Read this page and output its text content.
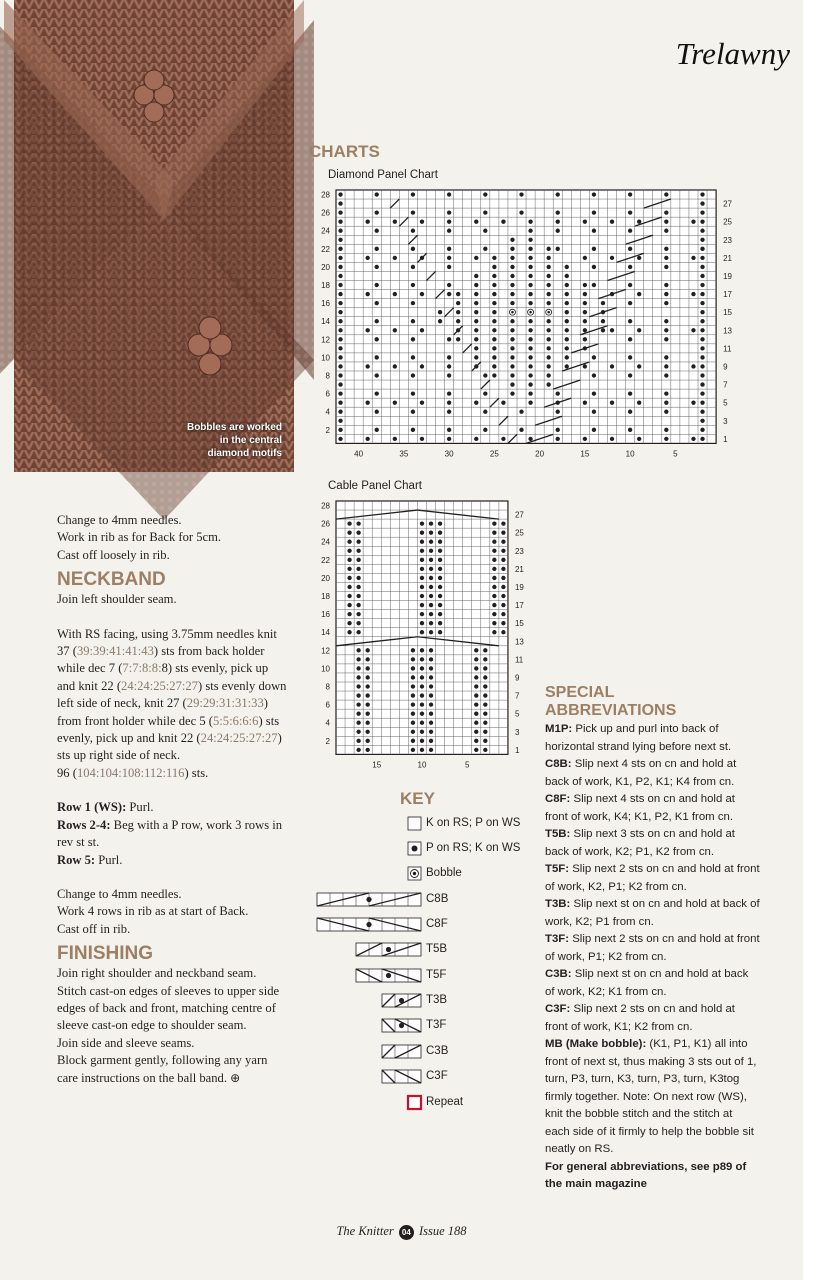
Bobbles are worked
in the central
diamond motifs
Trelawny
CHARTS
Diamond Panel Chart
28
26
24
22
20
18
16
14
12
10
8
6
4
2
27
25
23
21
19
17
15
13
11
9
7
5
3
1
40	35	30	25	20	15	10	5
Cable Panel Chart
28
26
24
22
20
18
16
14
12
10
8
6
4
2
27
25
23
21
19
17
15
13
11
9
7
5
3
1
15	10	5

Change to 4mm needles.

Work in rib as for Back for 5cm.

Cast off loosely in rib.

NECKBAND

Join left shoulder seam.

With RS facing, using 3.75mm needles knit 37 (39:39:41:41:43) sts from back holder while dec 7 (7:7:8:8:8) sts evenly, pick up and knit 22 (24:24:25:27:27) sts evenly down left side of neck, knit 27 (29:29:31:31:33) from front holder while dec 5 (5:5:6:6:6) sts evenly, pick up and knit 22 (24:24:25:27:27) sts up right side of neck.
96 (104:104:108:112:116) sts.

Row 1 (WS): Purl.

Rows 2-4: Beg with a P row, work 3 rows in rev st st.

Row 5: Purl.

Change to 4mm needles.

Work 4 rows in rib as at start of Back.

Cast off in rib.

FINISHING

Join right shoulder and neckband seam.

Stitch cast-on edges of sleeves to upper side edges of back and front, matching centre of sleeve cast-on edge to shoulder seam.

Join side and sleeve seams.

Block garment gently, following any yarn care instructions on the ball band. ⊕

KEY
K on RS; P on WS
P on RS; K on WS
Bobble
C8B
C8F
T5B
T5F
T3B
T3F
C3B
C3F
Repeat
SPECIAL
ABBREVIATIONS
M1P: Pick up and purl into back of horizontal strand lying before next st.
C8B: Slip next 4 sts on cn and hold at back of work, K1, P2, K1; K4 from cn.
C8F: Slip next 4 sts on cn and hold at front of work, K4; K1, P2, K1 from cn.
T5B: Slip next 3 sts on cn and hold at back of work, K2; P1, K2 from cn.
T5F: Slip next 2 sts on cn and hold at front of work, K2, P1; K2 from cn.
T3B: Slip next st on cn and hold at back of work, K2; P1 from cn.
T3F: Slip next 2 sts on cn and hold at front of work, P1; K2 from cn.
C3B: Slip next st on cn and hold at back of work, K2; K1 from cn.
C3F: Slip next 2 sts on cn and hold at front of work, K1; K2 from cn.
MB (Make bobble): (K1, P1, K1) all into front of next st, thus making 3 sts out of 1, turn, P3, turn, K3, turn, P3, turn, K3tog firmly together. Note: On next row (WS), knit the bobble stitch and the stitch at each side of it firmly to help the bobble sit neatly on RS.
For general abbreviations, see p89 of the main magazine
The Knitter 04 Issue 188
